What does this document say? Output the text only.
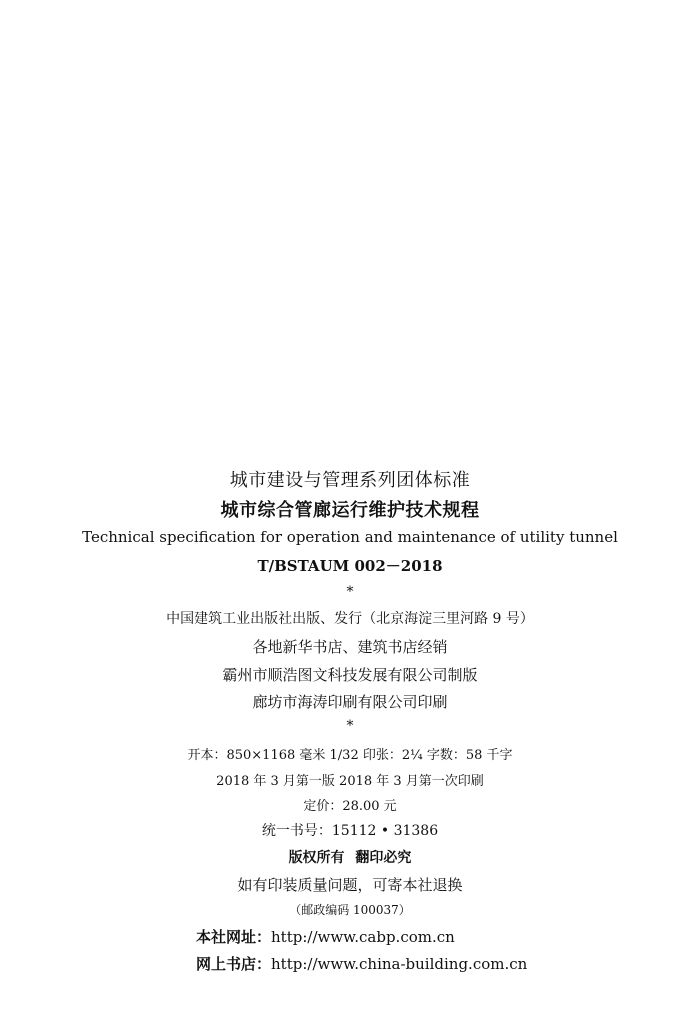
城市建设与管理系列团体标准
城市综合管廊运行维护技术规程
Technical specification for operation and maintenance of utility tunnel
T/BSTAUM 002－2018
*
中国建筑工业出版社出版、发行（北京海淀三里河路 9 号）
各地新华书店、建筑书店经销
霸州市顺浩图文科技发展有限公司制版
廊坊市海涛印刷有限公司印刷
*
开本：850×1168 毫米 1/32 印张：2¼ 字数：58 千字
2018 年 3 月第一版 2018 年 3 月第一次印刷
定价：28.00 元
统一书号：15112 • 31386
版权所有 翻印必究
如有印装质量问题，可寄本社退换
（邮政编码 100037）
本社网址：http://www.cabp.com.cn
网上书店：http://www.china-building.com.cn
